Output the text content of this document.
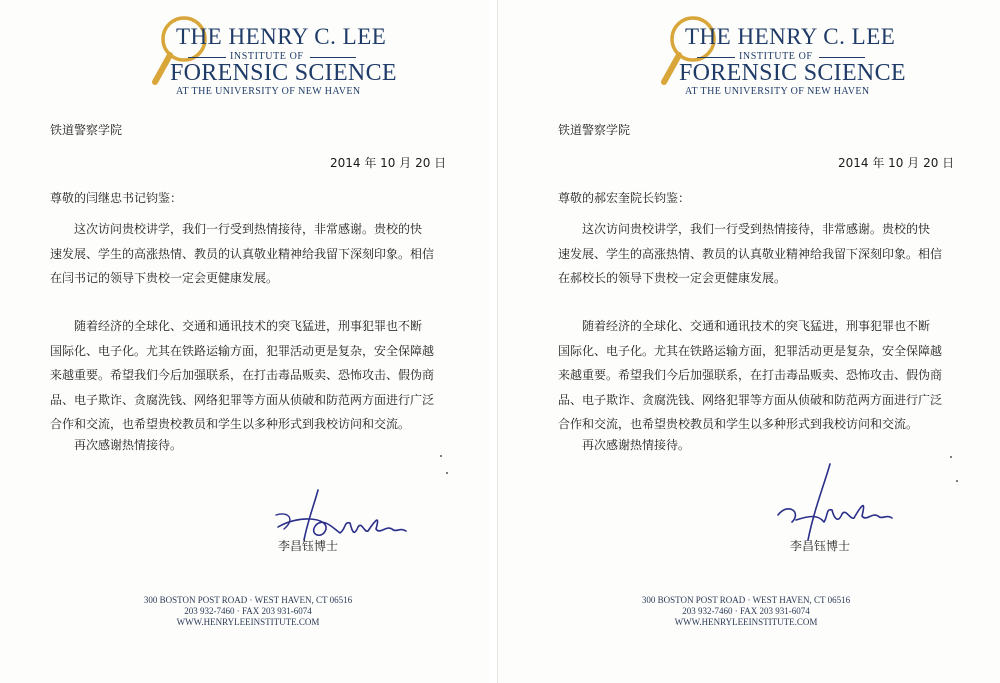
THE HENRY C. LEE
INSTITUTE OF
FORENSIC SCIENCE
AT THE UNIVERSITY OF NEW HAVEN
铁道警察学院
2014 年 10 月 20 日
尊敬的闫继忠书记钧鉴：
这次访问贵校讲学，我们一行受到热情接待，非常感谢。贵校的快
速发展、学生的高涨热情、教员的认真敬业精神给我留下深刻印象。相信
在闫书记的领导下贵校一定会更健康发展。
随着经济的全球化、交通和通讯技术的突飞猛进，刑事犯罪也不断
国际化、电子化。尤其在铁路运输方面，犯罪活动更是复杂，安全保障越
来越重要。希望我们今后加强联系，在打击毒品贩卖、恐怖攻击、假伪商
品、电子欺诈、贪腐洗钱、网络犯罪等方面从侦破和防范两方面进行广泛
合作和交流，也希望贵校教员和学生以多种形式到我校访问和交流。
再次感谢热情接待。
李昌钰博士
300 BOSTON POST ROAD · WEST HAVEN, CT 06516
203 932-7460 · FAX 203 931-6074
WWW.HENRYLEEINSTITUTE.COM
THE HENRY C. LEE
INSTITUTE OF
FORENSIC SCIENCE
AT THE UNIVERSITY OF NEW HAVEN
铁道警察学院
2014 年 10 月 20 日
尊敬的郝宏奎院长钧鉴：
这次访问贵校讲学，我们一行受到热情接待，非常感谢。贵校的快
速发展、学生的高涨热情、教员的认真敬业精神给我留下深刻印象。相信
在郝校长的领导下贵校一定会更健康发展。
随着经济的全球化、交通和通讯技术的突飞猛进，刑事犯罪也不断
国际化、电子化。尤其在铁路运输方面，犯罪活动更是复杂，安全保障越
来越重要。希望我们今后加强联系，在打击毒品贩卖、恐怖攻击、假伪商
品、电子欺诈、贪腐洗钱、网络犯罪等方面从侦破和防范两方面进行广泛
合作和交流，也希望贵校教员和学生以多种形式到我校访问和交流。
再次感谢热情接待。
李昌钰博士
300 BOSTON POST ROAD · WEST HAVEN, CT 06516
203 932-7460 · FAX 203 931-6074
WWW.HENRYLEEINSTITUTE.COM
